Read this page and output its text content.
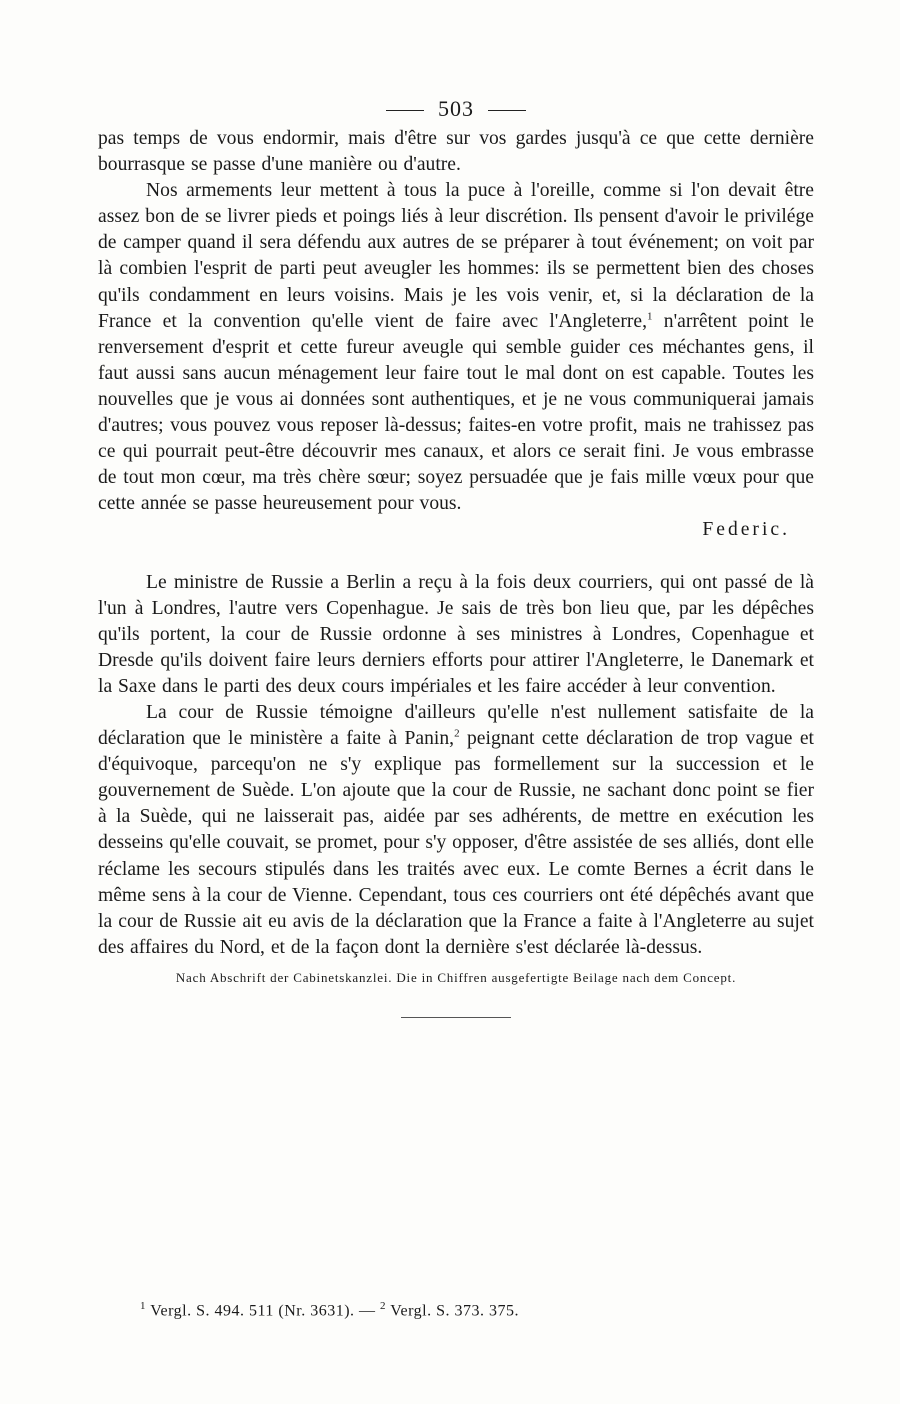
503

pas temps de vous endormir, mais d'être sur vos gardes jusqu'à ce que cette dernière bourrasque se passe d'une manière ou d'autre.

Nos armements leur mettent à tous la puce à l'oreille, comme si l'on devait être assez bon de se livrer pieds et poings liés à leur discrétion. Ils pensent d'avoir le privilége de camper quand il sera défendu aux autres de se préparer à tout événement; on voit par là combien l'esprit de parti peut aveugler les hommes: ils se permettent bien des choses qu'ils condamment en leurs voisins. Mais je les vois venir, et, si la déclaration de la France et la convention qu'elle vient de faire avec l'Angleterre,$^1$ n'arrêtent point le renversement d'esprit et cette fureur aveugle qui semble guider ces méchantes gens, il faut aussi sans aucun ménagement leur faire tout le mal dont on est capable. Toutes les nouvelles que je vous ai données sont authentiques, et je ne vous communiquerai jamais d'autres; vous pouvez vous reposer là-dessus; faites-en votre profit, mais ne trahissez pas ce qui pourrait peut-être découvrir mes canaux, et alors ce serait fini. Je vous embrasse de tout mon cœur, ma très chère sœur; soyez persuadée que je fais mille vœux pour que cette année se passe heureusement pour vous.

Federic.

Le ministre de Russie a Berlin a reçu à la fois deux courriers, qui ont passé de là l'un à Londres, l'autre vers Copenhague. Je sais de très bon lieu que, par les dépêches qu'ils portent, la cour de Russie ordonne à ses ministres à Londres, Copenhague et Dresde qu'ils doivent faire leurs derniers efforts pour attirer l'Angleterre, le Danemark et la Saxe dans le parti des deux cours impériales et les faire accéder à leur convention.

La cour de Russie témoigne d'ailleurs qu'elle n'est nullement satisfaite de la déclaration que le ministère a faite à Panin,$^2$ peignant cette déclaration de trop vague et d'équivoque, parcequ'on ne s'y explique pas formellement sur la succession et le gouvernement de Suède. L'on ajoute que la cour de Russie, ne sachant donc point se fier à la Suède, qui ne laisserait pas, aidée par ses adhérents, de mettre en exécution les desseins qu'elle couvait, se promet, pour s'y opposer, d'être assistée de ses alliés, dont elle réclame les secours stipulés dans les traités avec eux. Le comte Bernes a écrit dans le même sens à la cour de Vienne. Cependant, tous ces courriers ont été dépêchés avant que la cour de Russie ait eu avis de la déclaration que la France a faite à l'Angleterre au sujet des affaires du Nord, et de la façon dont la dernière s'est déclarée là-dessus.

Nach Abschrift der Cabinetskanzlei. Die in Chiffren ausgefertigte Beilage nach dem Concept.
$^1$ Vergl. S. 494. 511 (Nr. 3631). — $^2$ Vergl. S. 373. 375.
